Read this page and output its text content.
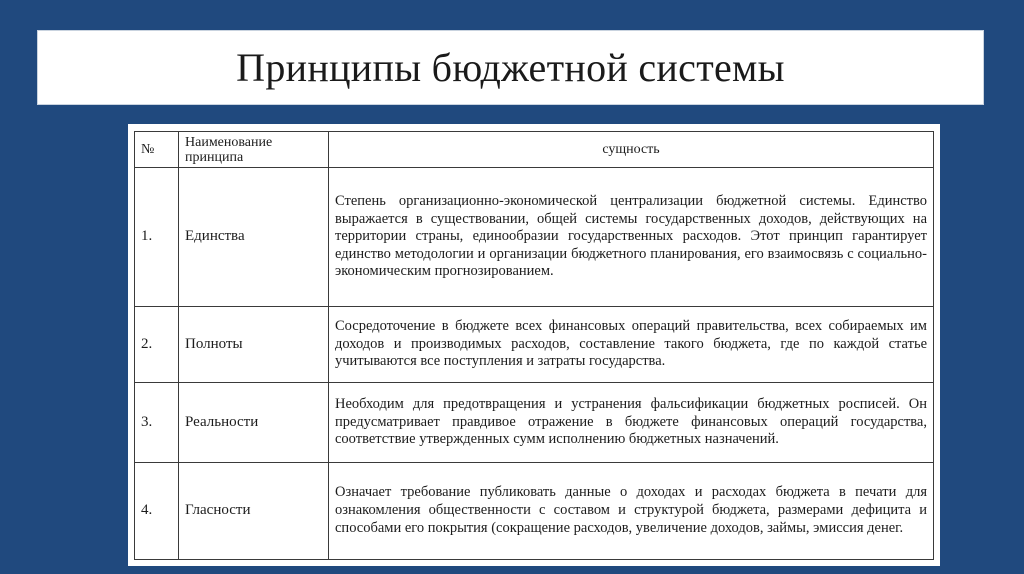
Принципы бюджетной системы
№	Наименование принципа	сущность
1.	Единства	Степень организационно-экономической централизации бюджетной системы. Единство выражается в существовании, общей системы государственных доходов, действующих на территории страны, единообразии государственных расходов. Этот принцип гарантирует единство методологии и организации бюджетного планирования, его взаимосвязь с социально-экономическим прогнозированием.
2.	Полноты	Сосредоточение в бюджете всех финансовых операций правительства, всех собираемых им доходов и производимых расходов, составление такого бюджета, где по каждой статье учитываются все поступления и затраты государства.
3.	Реальности	Необходим для предотвращения и устранения фальсификации бюджетных росписей. Он предусматривает правдивое отражение в бюджете финансовых операций государства, соответствие утвержденных сумм исполнению бюджетных назначений.
4.	Гласности	Означает требование публиковать данные о доходах и расходах бюджета в печати для ознакомления общественности с составом и структурой бюджета, размерами дефицита и способами его покрытия (сокращение расходов, увеличение доходов, займы, эмиссия денег.
